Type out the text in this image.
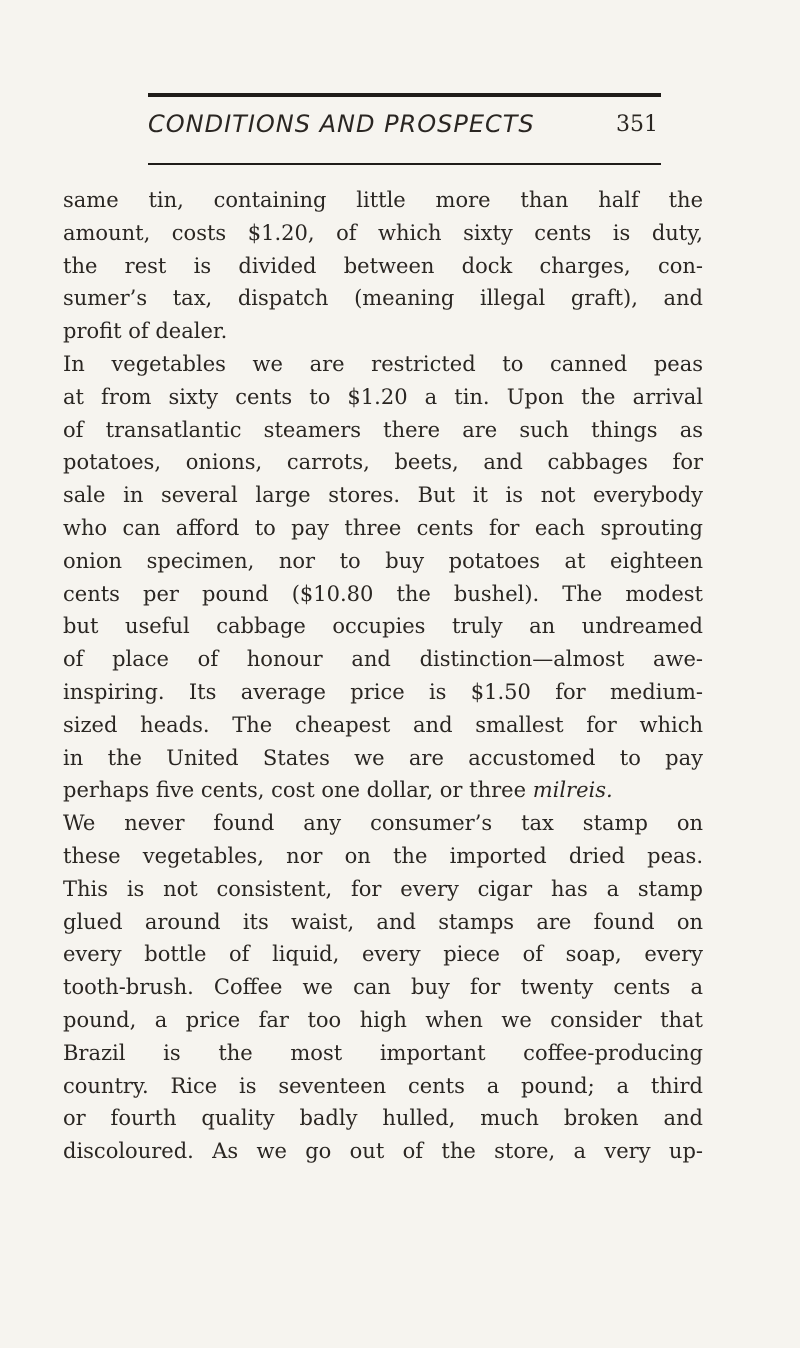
CONDITIONS AND PROSPECTS	351
same tin, containing little more than half the
amount, costs $1.20, of which sixty cents is duty,
the rest is divided between dock charges, con-
sumer’s tax, dispatch (meaning illegal graft), and
profit of dealer.
In vegetables we are restricted to canned peas
at from sixty cents to $1.20 a tin. Upon the arrival
of transatlantic steamers there are such things as
potatoes, onions, carrots, beets, and cabbages for
sale in several large stores. But it is not everybody
who can afford to pay three cents for each sprouting
onion specimen, nor to buy potatoes at eighteen
cents per pound ($10.80 the bushel). The modest
but useful cabbage occupies truly an undreamed
of place of honour and distinction—almost awe-
inspiring. Its average price is $1.50 for medium-
sized heads. The cheapest and smallest for which
in the United States we are accustomed to pay
perhaps five cents, cost one dollar, or three milreis.
We never found any consumer’s tax stamp on
these vegetables, nor on the imported dried peas.
This is not consistent, for every cigar has a stamp
glued around its waist, and stamps are found on
every bottle of liquid, every piece of soap, every
tooth-brush. Coffee we can buy for twenty cents a
pound, a price far too high when we consider that
Brazil is the most important coffee-producing
country. Rice is seventeen cents a pound; a third
or fourth quality badly hulled, much broken and
discoloured. As we go out of the store, a very up-
